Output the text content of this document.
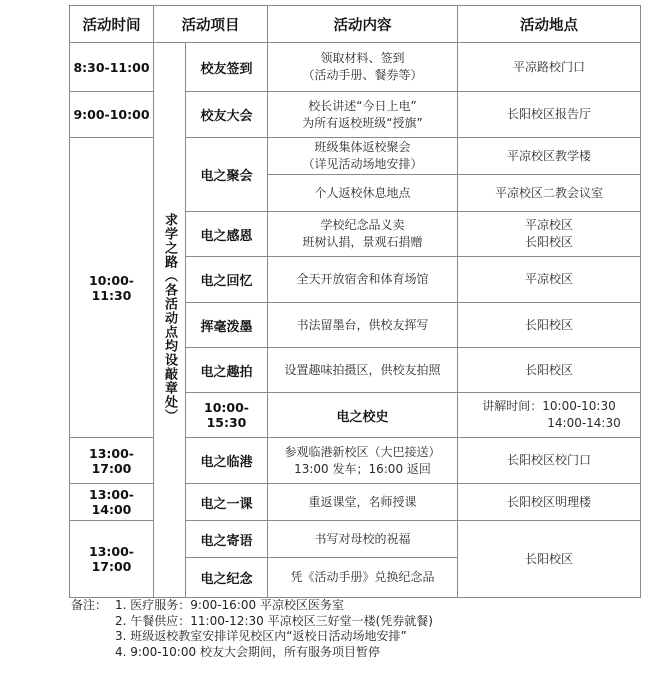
活动时间	活动项目		活动内容	活动地点	
8:30-11:00	求学之路（各活动点均设敲章处）	校友签到	领取材料、签到
（活动手册、餐券等）	平凉路校门口	

9:00-10:00		校友大会	校长讲述“今日上电”
为所有返校班级“授旗”	长阳校区报告厅	

10:00-11:30		电之聚会	班级集体返校聚会
（详见活动场地安排）	平凉校区教学楼	

			个人返校休息地点	平凉校区二教会议室	

		电之感恩	学校纪念品义卖
班树认捐，景观石捐赠	平凉校区
长阳校区	

		电之回忆	全天开放宿舍和体育场馆	平凉校区	

		挥毫泼墨	书法留墨台，供校友挥写	长阳校区	

		电之趣拍	设置趣味拍摄区，供校友拍照	长阳校区	

		10:00-15:30	电之校史	讲解时间：10:00-10:30
14:00-14:30

13:00-17:00		电之临港	参观临港新校区（大巴接送）
13:00 发车；16:00 返回	长阳校区校门口	

13:00-14:00		电之一课	重返课堂，名师授课	长阳校区明理楼	

13:00-17:00		电之寄语	书写对母校的祝福	长阳校区	

		电之纪念	凭《活动手册》兑换纪念品		
备注： 1. 医疗服务：9:00-16:00 平凉校区医务室
2. 午餐供应：11:00-12:30 平凉校区三好堂一楼(凭券就餐)
3. 班级返校教室安排详见校区内“返校日活动场地安排”
4. 9:00-10:00 校友大会期间，所有服务项目暂停
